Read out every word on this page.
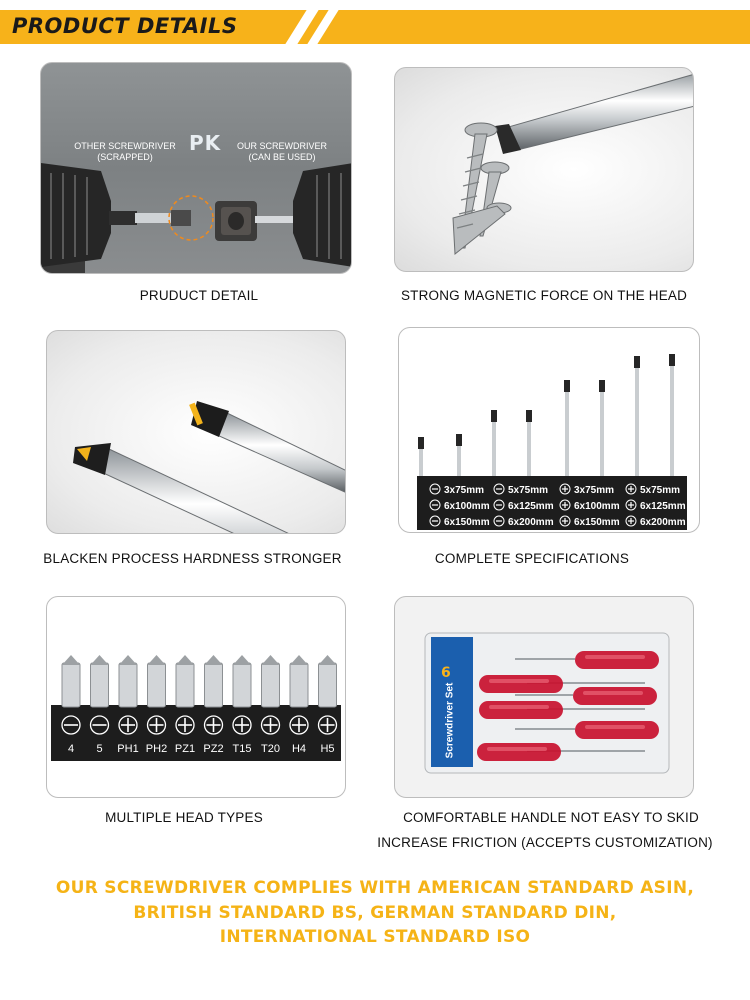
PRODUCT DETAILS
OTHER SCREWDRIVER
(SCRAPPED)
PK	OUR SCREWDRIVER
(CAN BE USED)
PRUDUCT DETAIL	STRONG MAGNETIC FORCE ON THE HEAD
BLACKEN PROCESS HARDNESS STRONGER
3x75mm 5x75mm	3x75mm	5x75mm
6x100mm 6x125mm 6x100mm 6x125mm
6x150mm 6x200mm 6x150mm 6x200mm
COMPLETE SPECIFICATIONS
4 5 PH1 PH2 PZ1 PZ2 T15 T20 H4 H5
MULTIPLE HEAD TYPES
6
Screwdriver Set
COMFORTABLE HANDLE NOT EASY TO SKID
INCREASE FRICTION (ACCEPTS CUSTOMIZATION)
OUR SCREWDRIVER COMPLIES WITH AMERICAN STANDARD ASIN,
BRITISH STANDARD BS, GERMAN STANDARD DIN,
INTERNATIONAL STANDARD ISO
